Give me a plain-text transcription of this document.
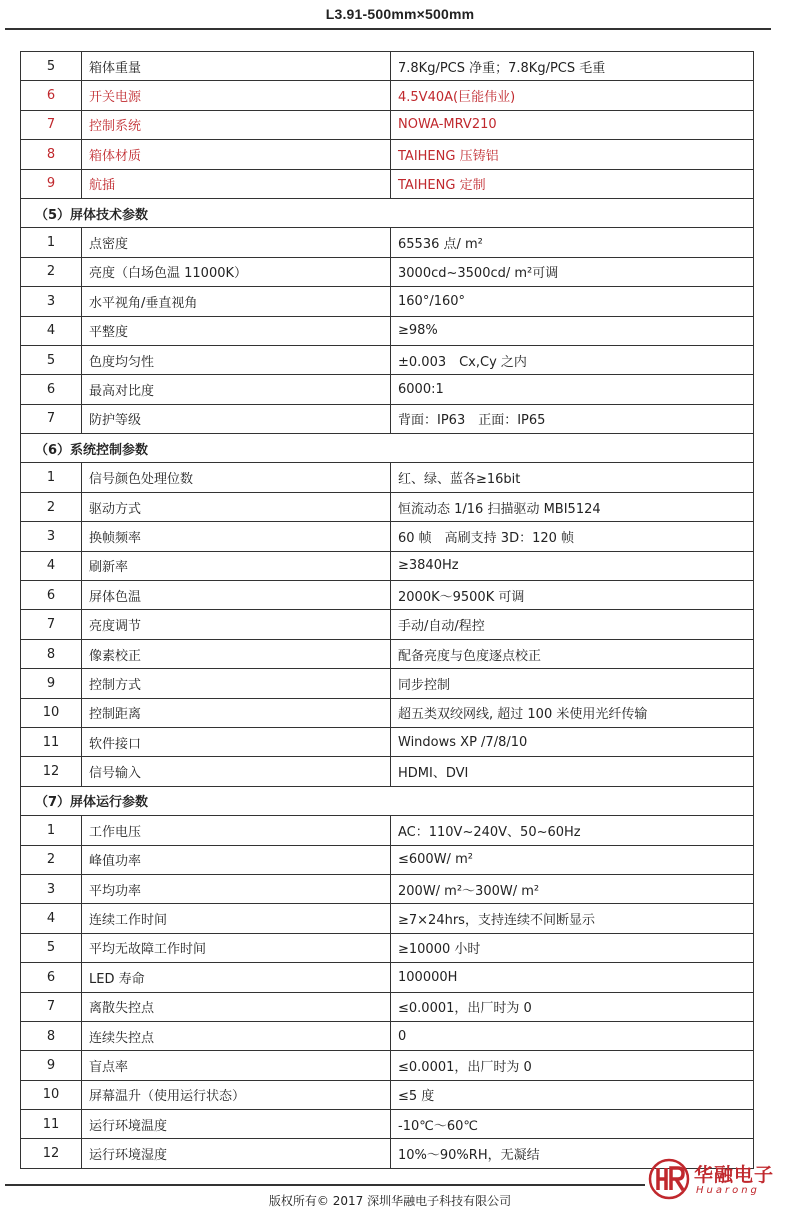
L3.91-500mm×500mm
5	箱体重量	7.8Kg/PCS 净重；7.8Kg/PCS 毛重
6	开关电源	4.5V40A(巨能伟业)
7	控制系统	NOWA-MRV210
8	箱体材质	TAIHENG 压铸铝
9	航插	TAIHENG 定制
（5）屏体技术参数		
1	点密度	65536 点/ m²
2	亮度（白场色温 11000K）	3000cd~3500cd/ m²可调
3	水平视角/垂直视角	160°/160°
4	平整度	≥98%
5	色度均匀性	±0.003　Cx,Cy 之内
6	最高对比度	6000:1
7	防护等级	背面：IP63　正面：IP65
（6）系统控制参数		
1	信号颜色处理位数	红、绿、蓝各≥16bit
2	驱动方式	恒流动态 1/16 扫描驱动 MBI5124
3	换帧频率	60 帧　高刷支持 3D：120 帧
4	刷新率	≥3840Hz
6	屏体色温	2000K～9500K 可调
7	亮度调节	手动/自动/程控
8	像素校正	配备亮度与色度逐点校正
9	控制方式	同步控制
10	控制距离	超五类双绞网线, 超过 100 米使用光纤传输
11	软件接口	Windows XP /7/8/10
12	信号输入	HDMI、DVI
（7）屏体运行参数		
1	工作电压	AC：110V~240V、50~60Hz
2	峰值功率	≤600W/ m²
3	平均功率	200W/ m²～300W/ m²
4	连续工作时间	≥7×24hrs，支持连续不间断显示
5	平均无故障工作时间	≥10000 小时
6	LED 寿命	100000H
7	离散失控点	≤0.0001，出厂时为 0
8	连续失控点	0
9	盲点率	≤0.0001，出厂时为 0
10	屏幕温升（使用运行状态）	≤5 度
11	运行环境温度	-10℃～60℃
12	运行环境湿度	10%～90%RH，无凝结
版权所有© 2017 深圳华融电子科技有限公司
华融电子
Huarong
